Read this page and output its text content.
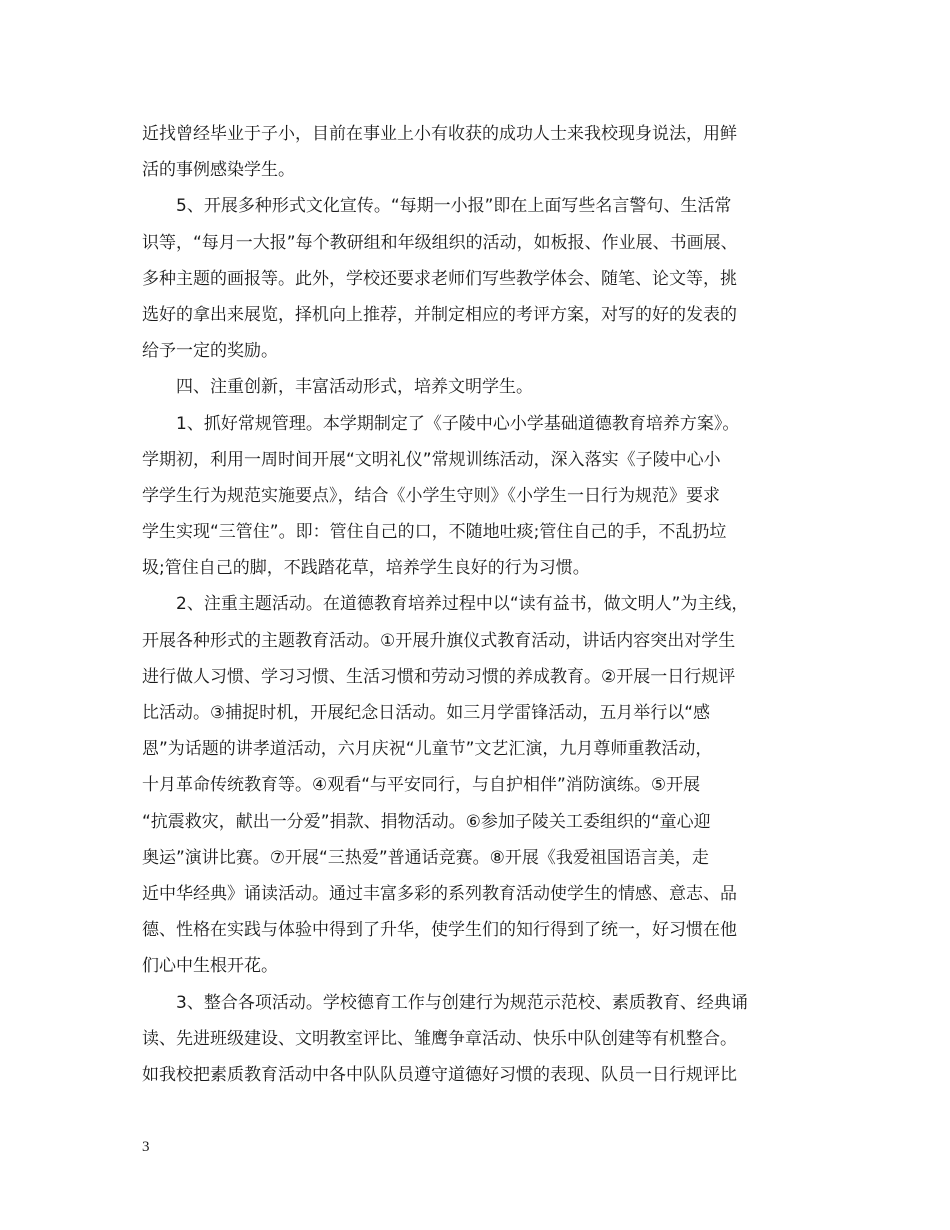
近找曾经毕业于子小，目前在事业上小有收获的成功人士来我校现身说法，用鲜
活的事例感染学生。
　　5、开展多种形式文化宣传。“每期一小报”即在上面写些名言警句、生活常
识等，“每月一大报”每个教研组和年级组织的活动，如板报、作业展、书画展、
多种主题的画报等。此外，学校还要求老师们写些教学体会、随笔、论文等，挑
选好的拿出来展览，择机向上推荐，并制定相应的考评方案，对写的好的发表的
给予一定的奖励。
　　四、注重创新，丰富活动形式，培养文明学生。
　　1、抓好常规管理。本学期制定了《子陵中心小学基础道德教育培养方案》。
学期初，利用一周时间开展“文明礼仪”常规训练活动，深入落实《子陵中心小
学学生行为规范实施要点》，结合《小学生守则》《小学生一日行为规范》要求
学生实现“三管住”。即：管住自己的口，不随地吐痰;管住自己的手，不乱扔垃
圾;管住自己的脚，不践踏花草，培养学生良好的行为习惯。
　　2、注重主题活动。在道德教育培养过程中以“读有益书，做文明人”为主线，
开展各种形式的主题教育活动。①开展升旗仪式教育活动，讲话内容突出对学生
进行做人习惯、学习习惯、生活习惯和劳动习惯的养成教育。②开展一日行规评
比活动。③捕捉时机，开展纪念日活动。如三月学雷锋活动，五月举行以“感
恩”为话题的讲孝道活动，六月庆祝“儿童节”文艺汇演，九月尊师重教活动，
十月革命传统教育等。④观看“与平安同行，与自护相伴”消防演练。⑤开展
“抗震救灾，献出一分爱”捐款、捐物活动。⑥参加子陵关工委组织的“童心迎
奥运”演讲比赛。⑦开展“三热爱”普通话竞赛。⑧开展《我爱祖国语言美，走
近中华经典》诵读活动。通过丰富多彩的系列教育活动使学生的情感、意志、品
德、性格在实践与体验中得到了升华，使学生们的知行得到了统一，好习惯在他
们心中生根开花。
　　3、整合各项活动。学校德育工作与创建行为规范示范校、素质教育、经典诵
读、先进班级建设、文明教室评比、雏鹰争章活动、快乐中队创建等有机整合。
如我校把素质教育活动中各中队队员遵守道德好习惯的表现、队员一日行规评比
3
